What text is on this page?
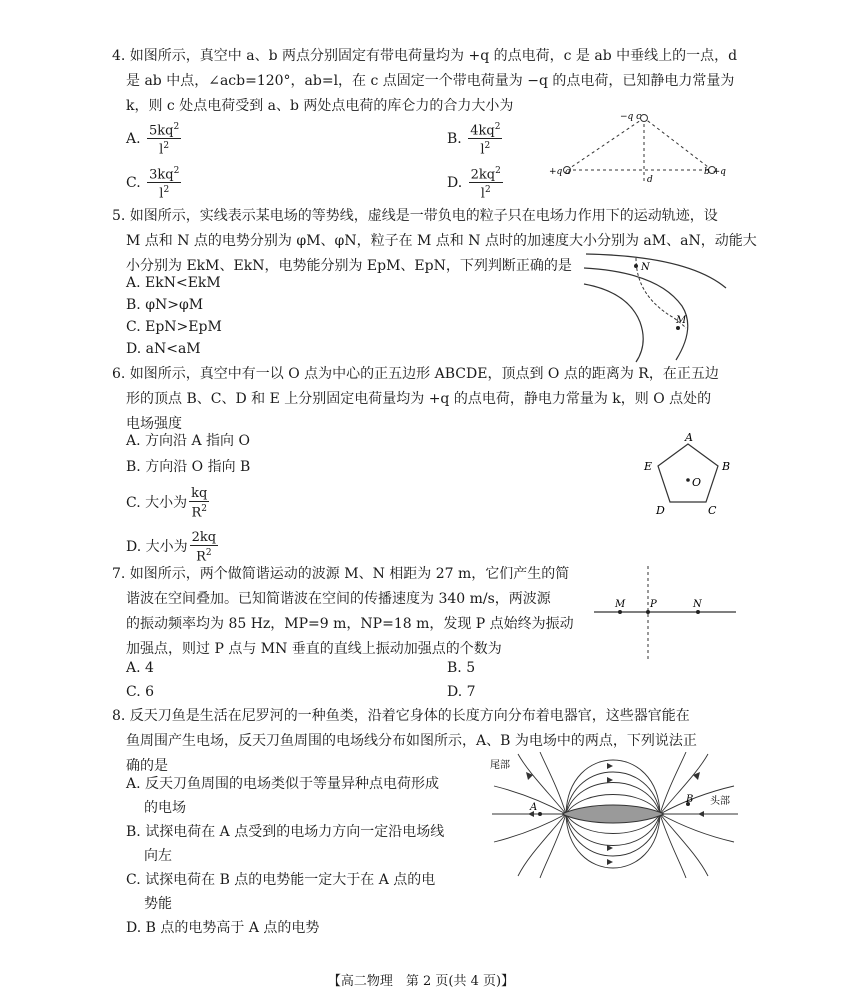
4. 如图所示，真空中 a、b 两点分别固定有带电荷量均为 +q 的点电荷，c 是 ab 中垂线上的一点，d
是 ab 中点，∠acb=120°，ab=l，在 c 点固定一个带电荷量为 −q 的点电荷，已知静电力常量为
k，则 c 处点电荷受到 a、b 两处点电荷的库仑力的合力大小为
A. $\frac{5kq^2}{l^2}$	B. $\frac{4kq^2}{l^2}$
C. $\frac{3kq^2}{l^2}$	D. $\frac{2kq^2}{l^2}$
−q c
+q a	b +q
d
5. 如图所示，实线表示某电场的等势线，虚线是一带负电的粒子只在电场力作用下的运动轨迹，设
M 点和 N 点的电势分别为 φM、φN，粒子在 M 点和 N 点时的加速度大小分别为 aM、aN，动能大
小分别为 EkM、EkN，电势能分别为 EpM、EpN，下列判断正确的是
A. EkN<EkM
B. φN>φM
C. EpN>EpM
D. aN<aM
N
M
6. 如图所示，真空中有一以 O 点为中心的正五边形 ABCDE，顶点到 O 点的距离为 R，在正五边
形的顶点 B、C、D 和 E 上分别固定电荷量均为 +q 的点电荷，静电力常量为 k，则 O 点处的
电场强度
A. 方向沿 A 指向 O
B. 方向沿 O 指向 B
C. 大小为 $\frac{kq}{R^2}$
D. 大小为 $\frac{2kq}{R^2}$
A
B
C
D
E
O
7. 如图所示，两个做简谐运动的波源 M、N 相距为 27 m，它们产生的简
谐波在空间叠加。已知简谐波在空间的传播速度为 340 m/s，两波源
的振动频率均为 85 Hz，MP=9 m，NP=18 m，发现 P 点始终为振动
加强点，则过 P 点与 MN 垂直的直线上振动加强点的个数为
A. 4	B. 5
C. 6	D. 7
M P	N
8. 反天刀鱼是生活在尼罗河的一种鱼类，沿着它身体的长度方向分布着电器官，这些器官能在
鱼周围产生电场，反天刀鱼周围的电场线分布如图所示，A、B 为电场中的两点，下列说法正
确的是
A. 反天刀鱼周围的电场类似于等量异种点电荷形成
的电场
B. 试探电荷在 A 点受到的电场力方向一定沿电场线
向左
C. 试探电荷在 B 点的电势能一定大于在 A 点的电
势能
D. B 点的电势高于 A 点的电势
A
B
尾部
头部
【高二物理　第 2 页(共 4 页)】
